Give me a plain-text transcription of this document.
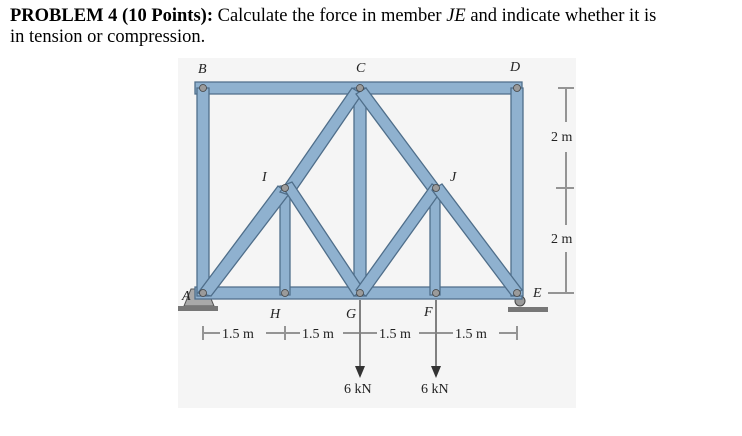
PROBLEM 4 (10 Points): Calculate the force in member JE and indicate whether it is
in tension or compression.
B	C	D
I	J
A	E
H	G	F
1.5 m	1.5 m	1.5 m	1.5 m
2 m
2 m
6 kN	6 kN
